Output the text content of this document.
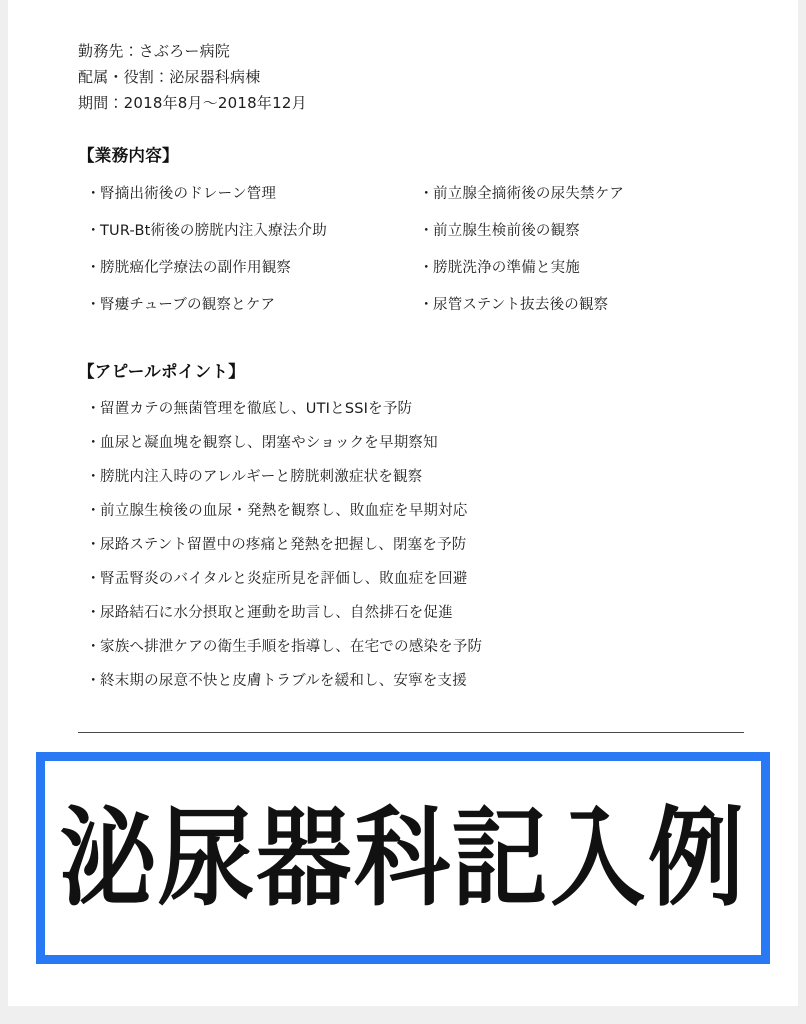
勤務先：さぶろー病院
配属・役割：泌尿器科病棟
期間：2018年8月〜2018年12月
【業務内容】
・腎摘出術後のドレーン管理	・前立腺全摘術後の尿失禁ケア
・TUR-Bt術後の膀胱内注入療法介助	・前立腺生検前後の観察
・膀胱癌化学療法の副作用観察	・膀胱洗浄の準備と実施
・腎瘻チューブの観察とケア	・尿管ステント抜去後の観察
【アピールポイント】
・留置カテの無菌管理を徹底し、UTIとSSIを予防
・血尿と凝血塊を観察し、閉塞やショックを早期察知
・膀胱内注入時のアレルギーと膀胱刺激症状を観察
・前立腺生検後の血尿・発熱を観察し、敗血症を早期対応
・尿路ステント留置中の疼痛と発熱を把握し、閉塞を予防
・腎盂腎炎のバイタルと炎症所見を評価し、敗血症を回避
・尿路結石に水分摂取と運動を助言し、自然排石を促進
・家族へ排泄ケアの衛生手順を指導し、在宅での感染を予防
・終末期の尿意不快と皮膚トラブルを緩和し、安寧を支援
泌尿器科記入例
